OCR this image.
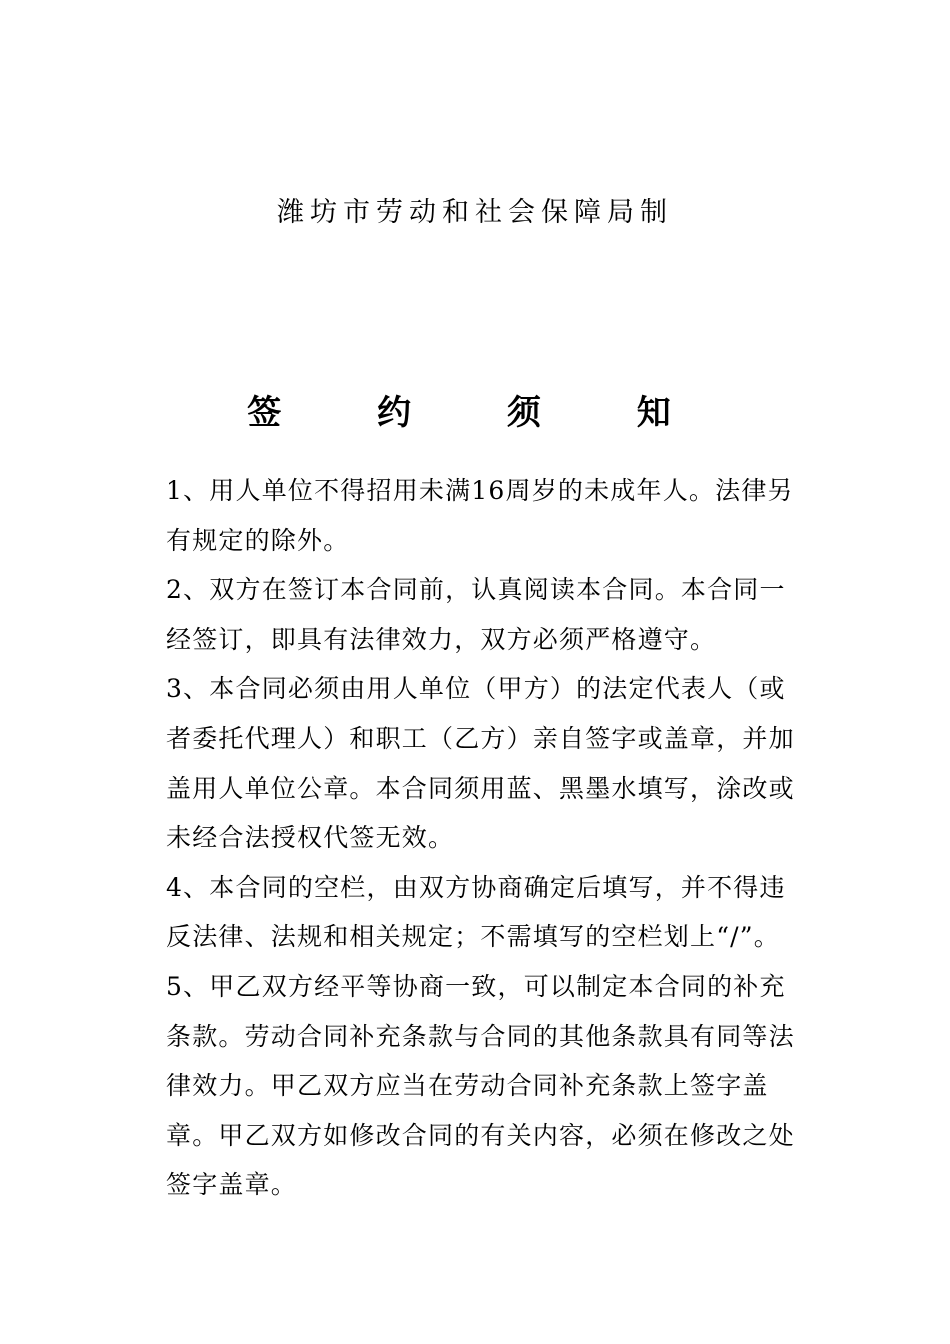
潍坊市劳动和社会保障局制
签 约 须 知

1、用人单位不得招用未满16周岁的未成年人。法律另有规定的除外。

2、双方在签订本合同前，认真阅读本合同。本合同一经签订，即具有法律效力，双方必须严格遵守。

3、本合同必须由用人单位（甲方）的法定代表人（或者委托代理人）和职工（乙方）亲自签字或盖章，并加盖用人单位公章。本合同须用蓝、黑墨水填写，涂改或未经合法授权代签无效。

4、本合同的空栏，由双方协商确定后填写，并不得违反法律、法规和相关规定；不需填写的空栏划上“/”。

5、甲乙双方经平等协商一致，可以制定本合同的补充条款。劳动合同补充条款与合同的其他条款具有同等法律效力。甲乙双方应当在劳动合同补充条款上签字盖章。甲乙双方如修改合同的有关内容，必须在修改之处签字盖章。
